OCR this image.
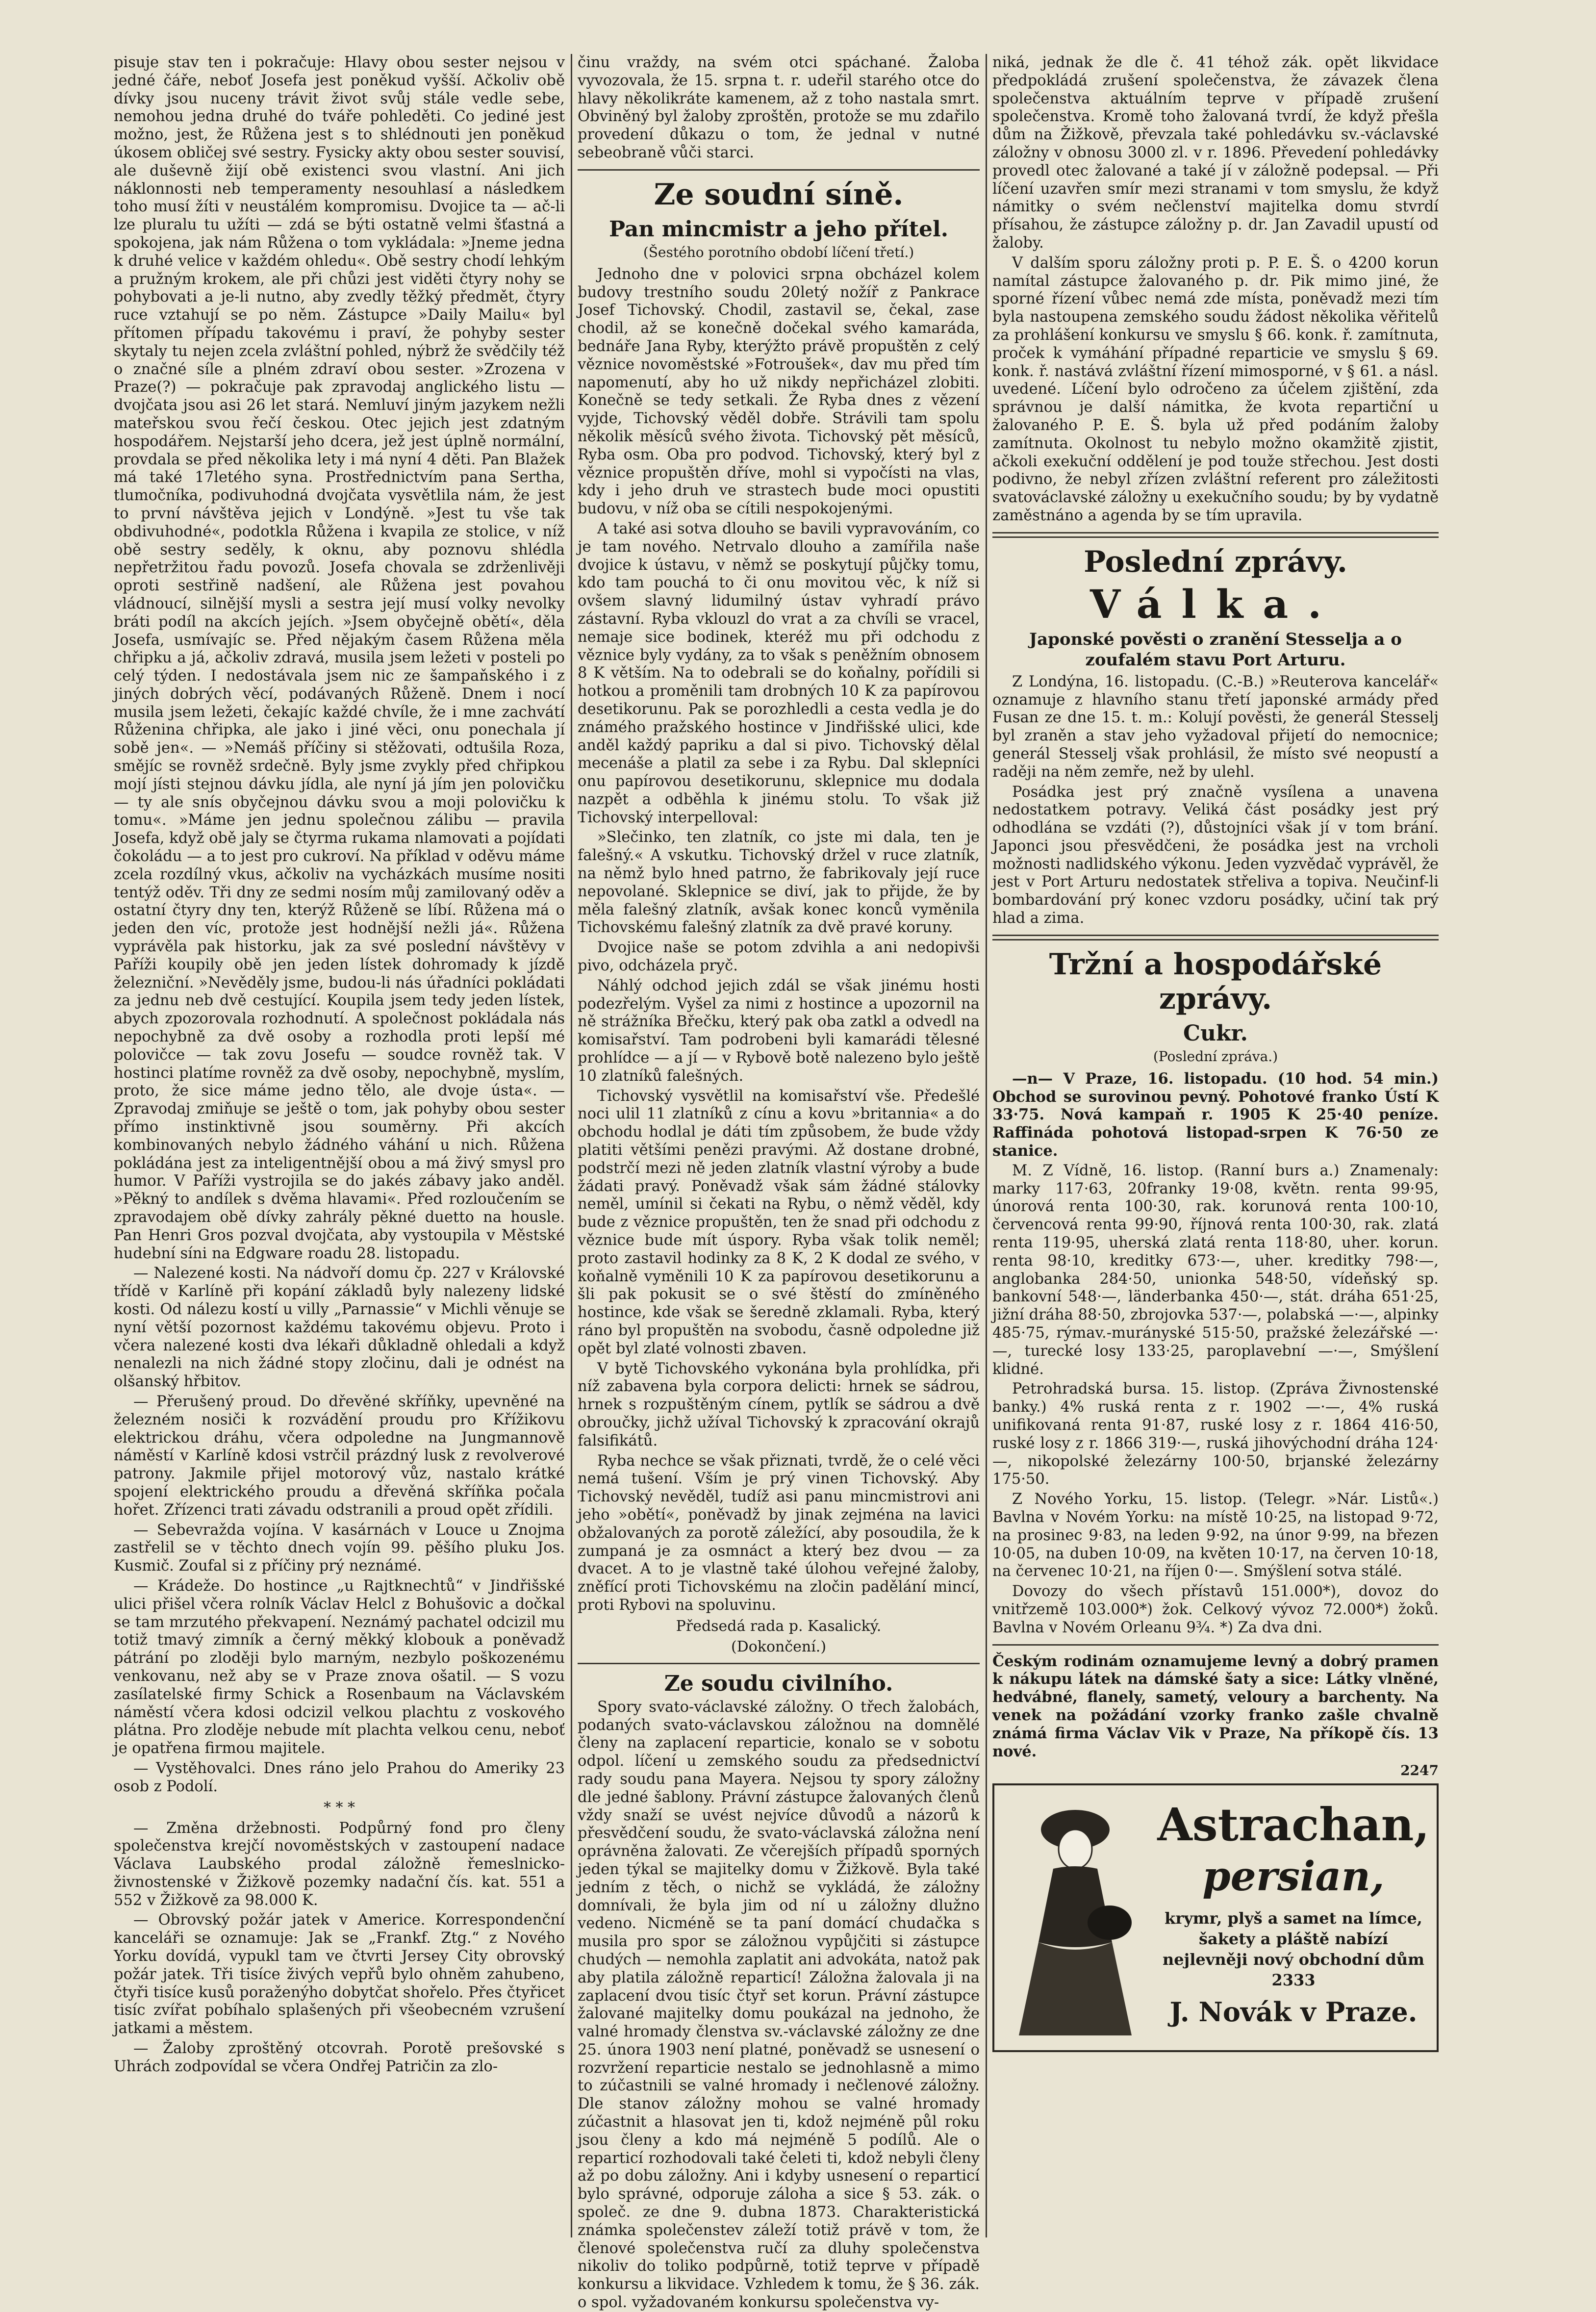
pisuje stav ten i pokračuje: Hlavy obou sester nejsou v jedné čáře, neboť Josefa jest poněkud vyšší. Ačkoliv obě dívky jsou nuceny trávit život svůj stále vedle sebe, nemohou jedna druhé do tváře pohleděti. Co jediné jest možno, jest, že Růžena jest s to shlédnouti jen poněkud úkosem obličej své sestry. Fysicky akty obou sester souvisí, ale duševně žijí obě existenci svou vlastní. Ani jich náklonnosti neb temperamenty nesouhlasí a následkem toho musí žíti v neustálém kompromisu. Dvojice ta — ač-li lze pluralu tu užíti — zdá se býti ostatně velmi šťastná a spokojena, jak nám Růžena o tom vykládala: »Jneme jedna k druhé velice v každém ohledu«. Obě sestry chodí lehkým a pružným krokem, ale při chůzi jest viděti čtyry nohy se pohybovati a je-li nutno, aby zvedly těžký předmět, čtyry ruce vztahují se po něm. Zástupce »Daily Mailu« byl přítomen případu takovému i praví, že pohyby sester skytaly tu nejen zcela zvláštní pohled, nýbrž že svědčily též o značné síle a plném zdraví obou sester. »Zrozena v Praze(?) — pokračuje pak zpravodaj anglického listu — dvojčata jsou asi 26 let stará. Nemluví jiným jazykem nežli mateřskou svou řečí českou. Otec jejich jest zdatným hospodářem. Nejstarší jeho dcera, jež jest úplně normální, provdala se před několika lety i má nyní 4 děti. Pan Blažek má také 17letého syna. Prostřednictvím pana Sertha, tlumočníka, podivuhodná dvojčata vysvětlila nám, že jest to první návštěva jejich v Londýně. »Jest tu vše tak obdivuhodné«, podotkla Růžena i kvapila ze stolice, v níž obě sestry seděly, k oknu, aby poznovu shlédla nepřetržitou řadu povozů. Josefa chovala se zdrženlivěji oproti sestřině nadšení, ale Růžena jest povahou vládnoucí, silnější mysli a sestra její musí volky nevolky bráti podíl na akcích jejích. »Jsem obyčejně obětí«, děla Josefa, usmívajíc se. Před nějakým časem Růžena měla chřipku a já, ačkoliv zdravá, musila jsem ležeti v posteli po celý týden. I nedostávala jsem nic ze šampaňského i z jiných dobrých věcí, podávaných Růženě. Dnem i nocí musila jsem ležeti, čekajíc každé chvíle, že i mne zachvátí Růženina chřipka, ale jako i jiné věci, onu ponechala jí sobě jen«. — »Nemáš příčiny si stěžovati, odtušila Roza, smějíc se rovněž srdečně. Byly jsme zvykly před chřipkou mojí jísti stejnou dávku jídla, ale nyní já jím jen polovičku — ty ale snís obyčejnou dávku svou a moji polovičku k tomu«. »Máme jen jednu společnou zálibu — pravila Josefa, když obě jaly se čtyrma rukama nlamovati a pojídati čokoládu — a to jest pro cukroví. Na příklad v oděvu máme zcela rozdílný vkus, ačkoliv na vycházkách musíme nositi tentýž oděv. Tři dny ze sedmi nosím můj zamilovaný oděv a ostatní čtyry dny ten, kterýž Růženě se líbí. Růžena má o jeden den víc, protože jest hodnější nežli já«. Růžena vyprávěla pak historku, jak za své poslední návštěvy v Paříži koupily obě jen jeden lístek dohromady k jízdě železniční. »Nevěděly jsme, budou-li nás úřadníci pokládati za jednu neb dvě cestující. Koupila jsem tedy jeden lístek, abych zpozorovala rozhodnutí. A společnost pokládala nás nepochybně za dvě osoby a rozhodla proti lepší mé polovičce — tak zovu Josefu — soudce rovněž tak. V hostinci platíme rovněž za dvě osoby, nepochybně, myslím, proto, že sice máme jedno tělo, ale dvoje ústa«. — Zpravodaj zmiňuje se ještě o tom, jak pohyby obou sester přímo instinktivně jsou souměrny. Při akcích kombinovaných nebylo žádného váhání u nich. Růžena pokládána jest za inteligentnější obou a má živý smysl pro humor. V Paříži vystrojila se do jakés zábavy jako anděl. »Pěkný to andílek s dvěma hlavami«. Před rozloučením se zpravodajem obě dívky zahrály pěkné duetto na housle. Pan Henri Gros pozval dvojčata, aby vystoupila v Městské hudební síni na Edgware roadu 28. listopadu.

— Nalezené kosti. Na nádvoří domu čp. 227 v Královské třídě v Karlíně při kopání základů byly nalezeny lidské kosti. Od nálezu kostí u villy „Parnassie“ v Michli věnuje se nyní větší pozornost každému takovému objevu. Proto i včera nalezené kosti dva lékaři důkladně ohledali a když nenalezli na nich žádné stopy zločinu, dali je odnést na olšanský hřbitov.

— Přerušený proud. Do dřevěné skříňky, upevněné na železném nosiči k rozvádění proudu pro Křížikovu elektrickou dráhu, včera odpoledne na Jungmannově náměstí v Karlíně kdosi vstrčil prázdný lusk z revolverové patrony. Jakmile přijel motorový vůz, nastalo krátké spojení elektrického proudu a dřevěná skříňka počala hořet. Zřízenci trati závadu odstranili a proud opět zřídili.

— Sebevražda vojína. V kasárnách v Louce u Znojma zastřelil se v těchto dnech vojín 99. pěšího pluku Jos. Kusmič. Zoufal si z příčiny prý neznámé.

— Krádeže. Do hostince „u Rajtknechtů“ v Jindřišské ulici přišel včera rolník Václav Helcl z Bohušovic a dočkal se tam mrzutého překvapení. Neznámý pachatel odcizil mu totiž tmavý zimník a černý měkký klobouk a poněvadž pátrání po zloději bylo marným, nezbylo poškozenému venkovanu, než aby se v Praze znova ošatil. — S vozu zasílatelské firmy Schick a Rosenbaum na Václavském náměstí včera kdosi odcizil velkou plachtu z voskového plátna. Pro zloděje nebude mít plachta velkou cenu, neboť je opatřena firmou majitele.

— Vystěhovalci. Dnes ráno jelo Prahou do Ameriky 23 osob z Podolí.

* * *

— Změna držebnosti. Podpůrný fond pro členy společenstva krejčí novoměstských v zastoupení nadace Václava Laubského prodal záložně řemeslnicko-živnostenské v Žižkově pozemky nadační čís. kat. 551 a 552 v Žižkově za 98.000 K.

— Obrovský požár jatek v Americe. Korrespondenční kanceláři se oznamuje: Jak se „Frankf. Ztg.“ z Nového Yorku dovídá, vypukl tam ve čtvrti Jersey City obrovský požár jatek. Tři tisíce živých vepřů bylo ohněm zahubeno, čtyři tisíce kusů poraženýho dobytčat shořelo. Přes čtyřicet tisíc zvířat pobíhalo splašených při všeobecném vzrušení jatkami a městem.

— Žaloby zproštěný otcovrah. Porotě prešovské s Uhrách zodpovídal se včera Ondřej Patričin za zlo-

činu vraždy, na svém otci spáchané. Žaloba vyvozovala, že 15. srpna t. r. udeřil starého otce do hlavy několikráte kamenem, až z toho nastala smrt. Obviněný byl žaloby zproštěn, protože se mu zdařilo provedení důkazu o tom, že jednal v nutné sebeobraně vůči starci.

Ze soudní síně.
Pan mincmistr a jeho přítel.
(Šestého porotního období líčení třetí.)

Jednoho dne v polovici srpna obcházel kolem budovy trestního soudu 20letý nožíř z Pankrace Josef Tichovský. Chodil, zastavil se, čekal, zase chodil, až se konečně dočekal svého kamaráda, bednáře Jana Ryby, kterýžto právě propuštěn z celý věznice novoměstské »Fotroušek«, dav mu před tím napomenutí, aby ho už nikdy nepřicházel zlobiti. Konečně se tedy setkali. Že Ryba dnes z vězení vyjde, Tichovský věděl dobře. Strávili tam spolu několik měsíců svého života. Tichovský pět měsíců, Ryba osm. Oba pro podvod. Tichovský, který byl z věznice propuštěn dříve, mohl si vypočísti na vlas, kdy i jeho druh ve strastech bude moci opustiti budovu, v níž oba se cítili nespokojenými.

A také asi sotva dlouho se bavili vypravováním, co je tam nového. Netrvalo dlouho a zamířila naše dvojice k ústavu, v němž se poskytují půjčky tomu, kdo tam pouchá to či onu movitou věc, k níž si ovšem slavný lidumilný ústav vyhradí právo zástavní. Ryba vklouzl do vrat a za chvíli se vracel, nemaje sice bodinek, kteréž mu při odchodu z věznice byly vydány, za to však s peněžním obnosem 8 K větším. Na to odebrali se do koňalny, pořídili si hotkou a proměnili tam drobných 10 K za papírovou desetikorunu. Pak se porozhledli a cesta vedla je do známého pražského hostince v Jindřišské ulici, kde anděl každý papriku a dal si pivo. Tichovský dělal mecenáše a platil za sebe i za Rybu. Dal sklepníci onu papírovou desetikorunu, sklepnice mu dodala nazpět a odběhla k jinému stolu. To však již Tichovský interpelloval:

»Slečinko, ten zlatník, co jste mi dala, ten je falešný.« A vskutku. Tichovský držel v ruce zlatník, na němž bylo hned patrno, že fabrikovaly její ruce nepovolané. Sklepnice se diví, jak to přijde, že by měla falešný zlatník, avšak konec konců vyměnila Tichovskému falešný zlatník za dvě pravé koruny.

Dvojice naše se potom zdvihla a ani nedopivši pivo, odcházela pryč.

Náhlý odchod jejich zdál se však jinému hosti podezřelým. Vyšel za nimi z hostince a upozornil na ně strážníka Břečku, který pak oba zatkl a odvedl na komisařství. Tam podrobeni byli kamarádi tělesné prohlídce — a jí — v Rybově botě nalezeno bylo ještě 10 zlatníků falešných.

Tichovský vysvětlil na komisařství vše. Předešlé noci ulil 11 zlatníků z cínu a kovu »britannia« a do obchodu hodlal je dáti tím způsobem, že bude vždy platiti většími penězi pravými. Až dostane drobné, podstrčí mezi ně jeden zlatník vlastní výroby a bude žádati pravý. Poněvadž však sám žádné stálovky neměl, umínil si čekati na Rybu, o němž věděl, kdy bude z věznice propuštěn, ten že snad při odchodu z věznice bude mít úspory. Ryba však tolik neměl; proto zastavil hodinky za 8 K, 2 K dodal ze svého, v koňalně vyměnili 10 K za papírovou desetikorunu a šli pak pokusit se o své štěstí do zmíněného hostince, kde však se šeredně zklamali. Ryba, který ráno byl propuštěn na svobodu, časně odpoledne již opět byl zlaté volnosti zbaven.

V bytě Tichovského vykonána byla prohlídka, při níž zabavena byla corpora delicti: hrnek se sádrou, hrnek s rozpuštěným cínem, pytlík se sádrou a dvě obroučky, jichž užíval Tichovský k zpracování okrajů falsifikátů.

Ryba nechce se však přiznati, tvrdě, že o celé věci nemá tušení. Vším je prý vinen Tichovský. Aby Tichovský nevěděl, tudíž asi panu mincmistrovi ani jeho »obětí«, poněvadž by jinak zejména na lavici obžalovaných za porotě záležící, aby posoudila, že k zumpaná je za osmnáct a který bez dvou — za dvacet. A to je vlastně také úlohou veřejné žaloby, zněfící proti Tichovskému na zločin padělání mincí, proti Rybovi na spoluvinu.

Předsedá rada p. Kasalický.
(Dokončení.)
Ze soudu civilního.

Spory svato-václavské záložny. O třech žalobách, podaných svato-václavskou záložnou na domnělé členy na zaplacení reparticie, konalo se v sobotu odpol. líčení u zemského soudu za předsednictví rady soudu pana Mayera. Nejsou ty spory záložny dle jedné šablony. Právní zástupce žalovaných členů vždy snaží se uvést nejvíce důvodů a názorů k přesvědčení soudu, že svato-václavská záložna není oprávněna žalovati. Ze včerejších případů sporných jeden týkal se majitelky domu v Žižkově. Byla také jedním z těch, o nichž se vykládá, že záložny domnívali, že byla jim od ní u záložny dlužno vedeno. Nicméně se ta paní domácí chudačka s musila pro spor se záložnou vypůjčiti si zástupce chudých — nemohla zaplatit ani advokáta, natož pak aby platila záložně reparticí! Záložna žalovala ji na zaplacení dvou tisíc čtyř set korun. Právní zástupce žalované majitelky domu poukázal na jednoho, že valné hromady členstva sv.-václavské záložny ze dne 25. února 1903 není platné, poněvadž se usnesení o rozvržení reparticie nestalo se jednohlasně a mimo to zúčastnili se valné hromady i nečlenové záložny. Dle stanov záložny mohou se valné hromady zúčastnit a hlasovat jen ti, kdož nejméně půl roku jsou členy a kdo má nejméně 5 podílů. Ale o reparticí rozhodovali také čeleti ti, kdož nebyli členy až po dobu záložny. Ani i kdyby usnesení o reparticí bylo správné, odporuje záloha a sice § 53. zák. o společ. ze dne 9. dubna 1873. Charakteristická známka společenstev záleží totiž právě v tom, že členové společenstva ručí za dluhy společenstva nikoliv do toliko podpůrně, totiž teprve v případě konkursu a likvidace. Vzhledem k tomu, že § 36. zák. o spol. vyžadovaném konkursu společenstva vy-

niká, jednak že dle č. 41 téhož zák. opět likvidace předpokládá zrušení společenstva, že závazek člena společenstva aktuálním teprve v případě zrušení společenstva. Kromě toho žalovaná tvrdí, že když přešla dům na Žižkově, převzala také pohledávku sv.-václavské záložny v obnosu 3000 zl. v r. 1896. Převedení pohledávky provedl otec žalované a také jí v záložně podepsal. — Při líčení uzavřen smír mezi stranami v tom smyslu, že když námitky o svém nečlenství majitelka domu stvrdí přísahou, že zástupce záložny p. dr. Jan Zavadil upustí od žaloby.

V dalším sporu záložny proti p. P. E. Š. o 4200 korun namítal zástupce žalovaného p. dr. Pik mimo jiné, že sporné řízení vůbec nemá zde místa, poněvadž mezi tím byla nastoupena zemského soudu žádost několika věřitelů za prohlášení konkursu ve smyslu § 66. konk. ř. zamítnuta, proček k vymáhání případné reparticie ve smyslu § 69. konk. ř. nastává zvláštní řízení mimosporné, v § 61. a násl. uvedené. Líčení bylo odročeno za účelem zjištění, zda správnou je další námitka, že kvota repartiční u žalovaného P. E. Š. byla už před podáním žaloby zamítnuta. Okolnost tu nebylo možno okamžitě zjistit, ačkoli exekuční oddělení je pod touže střechou. Jest dosti podivno, že nebyl zřízen zvláštní referent pro záležitosti svatováclavské záložny u exekučního soudu; by by vydatně zaměstnáno a agenda by se tím upravila.

Poslední zprávy.
Válka.
Japonské pověsti o zranění Stesselja a o zoufalém stavu Port Arturu.

Z Londýna, 16. listopadu. (C.-B.) »Reuterova kancelář« oznamuje z hlavního stanu třetí japonské armády před Fusan ze dne 15. t. m.: Kolují pověsti, že generál Stesselj byl zraněn a stav jeho vyžadoval přijetí do nemocnice; generál Stesselj však prohlásil, že místo své neopustí a raději na něm zemře, než by ulehl.

Posádka jest prý značně vysílena a unavena nedostatkem potravy. Veliká část posádky jest prý odhodlána se vzdáti (?), důstojníci však jí v tom brání. Japonci jsou přesvědčeni, že posádka jest na vrcholi možnosti nadlidského výkonu. Jeden vyzvědač vyprávěl, že jest v Port Arturu nedostatek střeliva a topiva. Neučinf-li bombardování prý konec vzdoru posádky, učiní tak prý hlad a zima.

Tržní a hospodářské zprávy.
Cukr.
(Poslední zpráva.)

—n— V Praze, 16. listopadu. (10 hod. 54 min.) Obchod se surovinou pevný. Pohotové franko Ústí K 33·75. Nová kampaň r. 1905 K 25·40 peníze. Raffináda pohotová listopad-srpen K 76·50 ze stanice.

M. Z Vídně, 16. listop. (Ranní burs a.) Znamenaly: marky 117·63, 20franky 19·08, květn. renta 99·95, únorová renta 100·30, rak. korunová renta 100·10, červencová renta 99·90, říjnová renta 100·30, rak. zlatá renta 119·95, uherská zlatá renta 118·80, uher. korun. renta 98·10, kreditky 673·—, uher. kreditky 798·—, anglobanka 284·50, unionka 548·50, vídeňský sp. bankovní 548·—, länderbanka 450·—, stát. dráha 651·25, jižní dráha 88·50, zbrojovka 537·—, polabská —·—, alpinky 485·75, rýmav.-murányské 515·50, pražské železářské —·—, turecké losy 133·25, paroplavební —·—, Smýšlení klidné.

Petrohradská bursa. 15. listop. (Zpráva Živnostenské banky.) 4% ruská renta z r. 1902 —·—, 4% ruská unifikovaná renta 91·87, ruské losy z r. 1864 416·50, ruské losy z r. 1866 319·—, ruská jihovýchodní dráha 124·—, nikopolské železárny 100·50, brjanské železárny 175·50.

Z Nového Yorku, 15. listop. (Telegr. »Nár. Listů«.) Bavlna v Novém Yorku: na místě 10·25, na listopad 9·72, na prosinec 9·83, na leden 9·92, na únor 9·99, na březen 10·05, na duben 10·09, na květen 10·17, na červen 10·18, na červenec 10·21, na říjen 0·—. Smýšlení sotva stálé.

Dovozy do všech přístavů 151.000*), dovoz do vnitřzemě 103.000*) žok. Celkový vývoz 72.000*) žoků. Bavlna v Novém Orleanu 9¾. *) Za dva dni.

Českým rodinám oznamujeme levný a dobrý pramen k nákupu látek na dámské šaty a sice: Látky vlněné, hedvábné, flanely, sametý, veloury a barchenty. Na venek na požádání vzorky franko zašle chvalně známá firma Václav Vik v Praze, Na příkopě čís. 13 nové.

2247
Astrachan,
persian,
krymr, plyš a samet na límce, šakety a pláště nabízí nejlevněji nový obchodní dům 2333
J. Novák v Praze.
